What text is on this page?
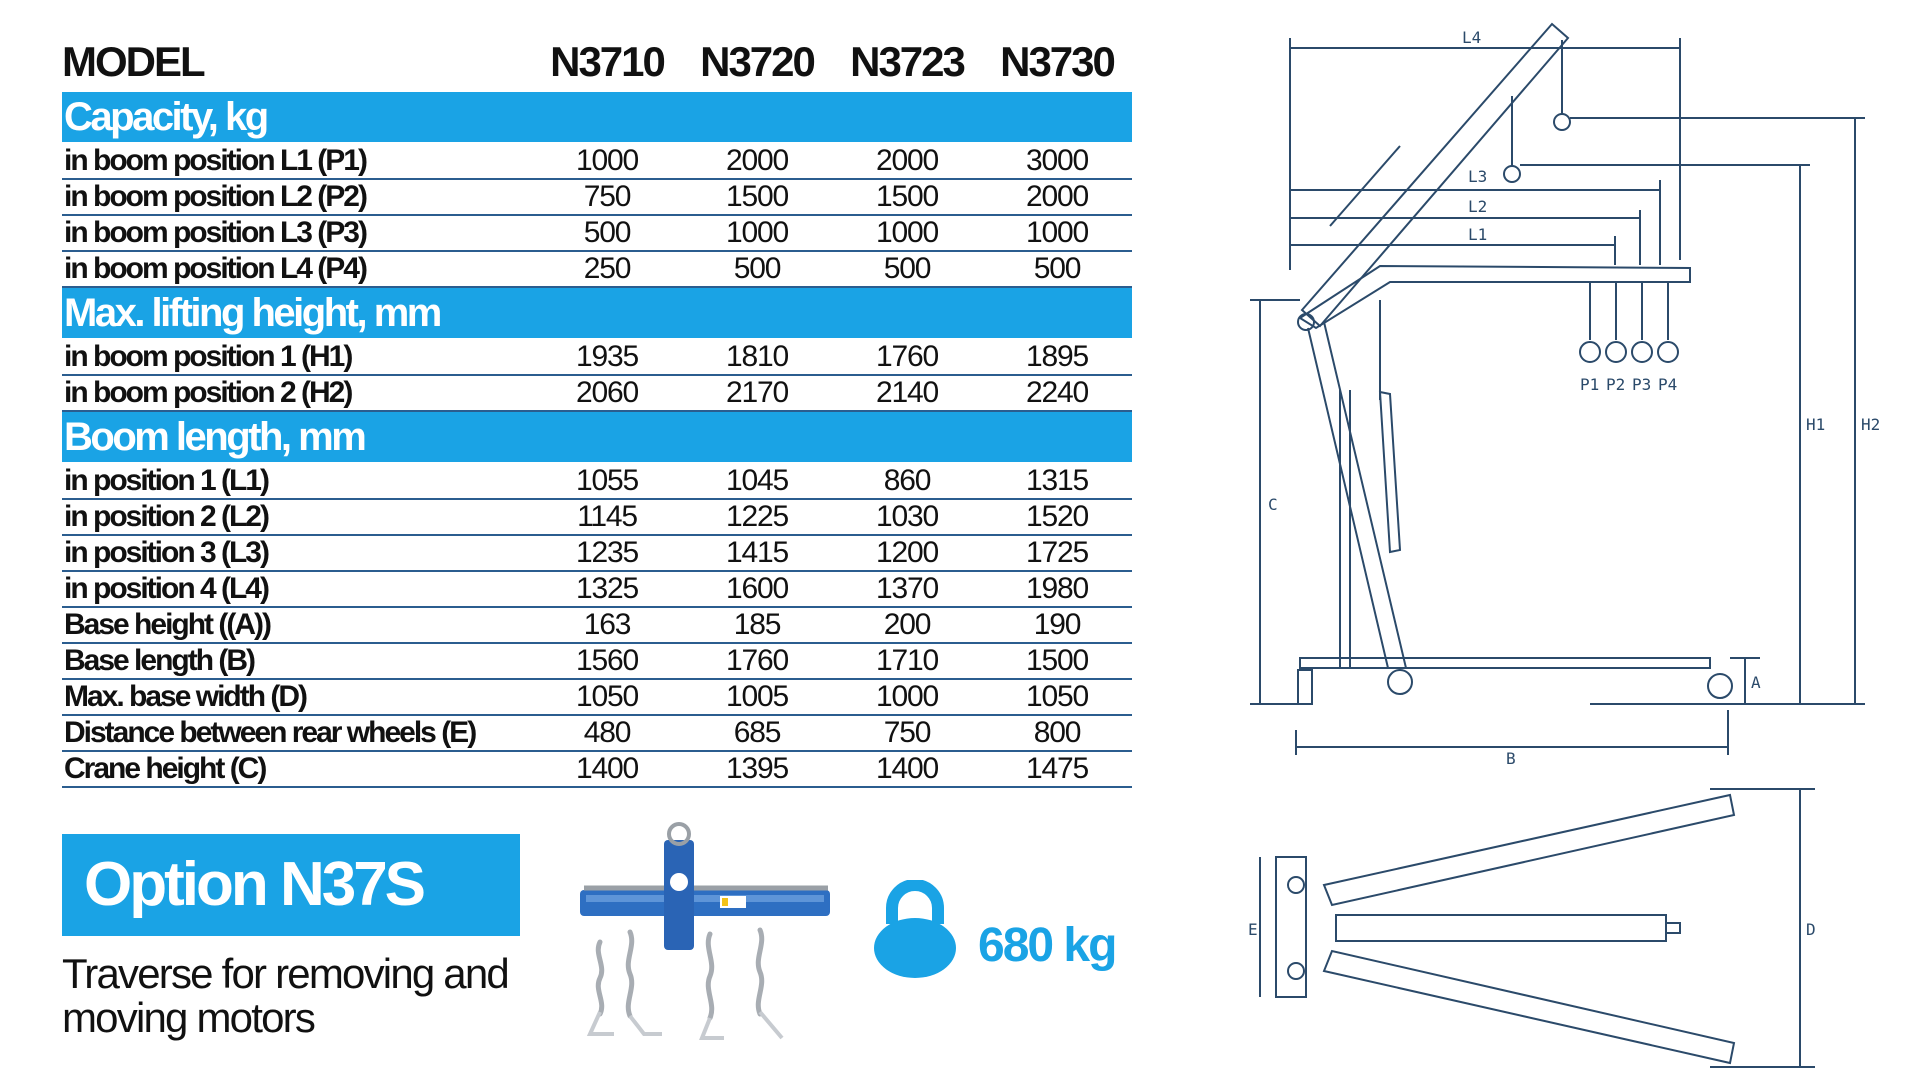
MODEL	N3710	N3720	N3723	N3730
Capacity, kg				
in boom position L1 (P1)	1000	2000	2000	3000
in boom position L2 (P2)	750	1500	1500	2000
in boom position L3 (P3)	500	1000	1000	1000
in boom position L4 (P4)	250	500	500	500
Max. lifting height, mm				
in boom position 1 (H1)	1935	1810	1760	1895
in boom position 2 (H2)	2060	2170	2140	2240
Boom length, mm				
in position 1 (L1)	1055	1045	860	1315
in position 2 (L2)	1145	1225	1030	1520
in position 3 (L3)	1235	1415	1200	1725
in position 4 (L4)	1325	1600	1370	1980
Base height ((A))	163	185	200	190
Base length (B)	1560	1760	1710	1500
Max. base width (D)	1050	1005	1000	1050
Distance between rear wheels (E)	480	685	750	800
Crane height (C)	1400	1395	1400	1475
Option N37S
Traverse for removing and moving motors
680 kg
L4
L3
L2
L1
P1 P2 P3 P4
C
H1 H2
A
B
E	D
